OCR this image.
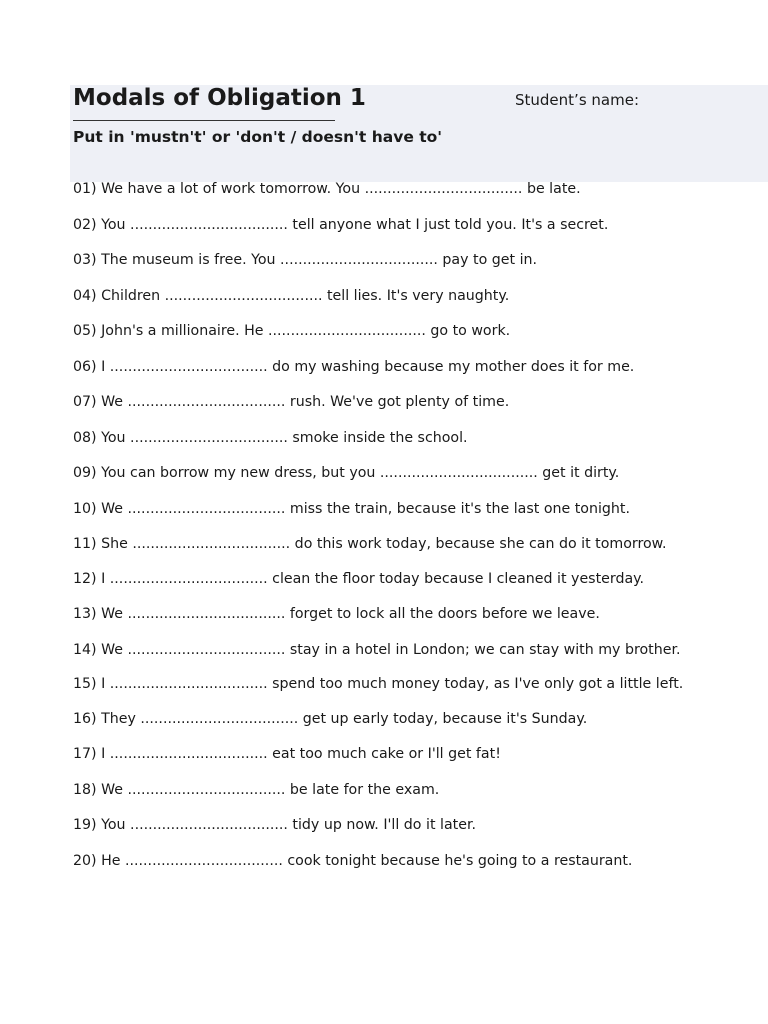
Modals of Obligation 1	Student’s name:
Put in 'mustn't' or 'don't / doesn't have to'
01) We have a lot of work tomorrow. You ................................... be late.
02) You ................................... tell anyone what I just told you. It's a secret.
03) The museum is free. You ................................... pay to get in.
04) Children ................................... tell lies. It's very naughty.
05) John's a millionaire. He ................................... go to work.
06) I ................................... do my washing because my mother does it for me.
07) We ................................... rush. We've got plenty of time.
08) You ................................... smoke inside the school.
09) You can borrow my new dress, but you ................................... get it dirty.
10) We ................................... miss the train, because it's the last one tonight.
11) She ................................... do this work today, because she can do it tomorrow.
12) I ................................... clean the floor today because I cleaned it yesterday.
13) We ................................... forget to lock all the doors before we leave.
14) We ................................... stay in a hotel in London; we can stay with my brother.
15) I ................................... spend too much money today, as I've only got a little left.
16) They ................................... get up early today, because it's Sunday.
17) I ................................... eat too much cake or I'll get fat!
18) We ................................... be late for the exam.
19) You ................................... tidy up now. I'll do it later.
20) He ................................... cook tonight because he's going to a restaurant.
